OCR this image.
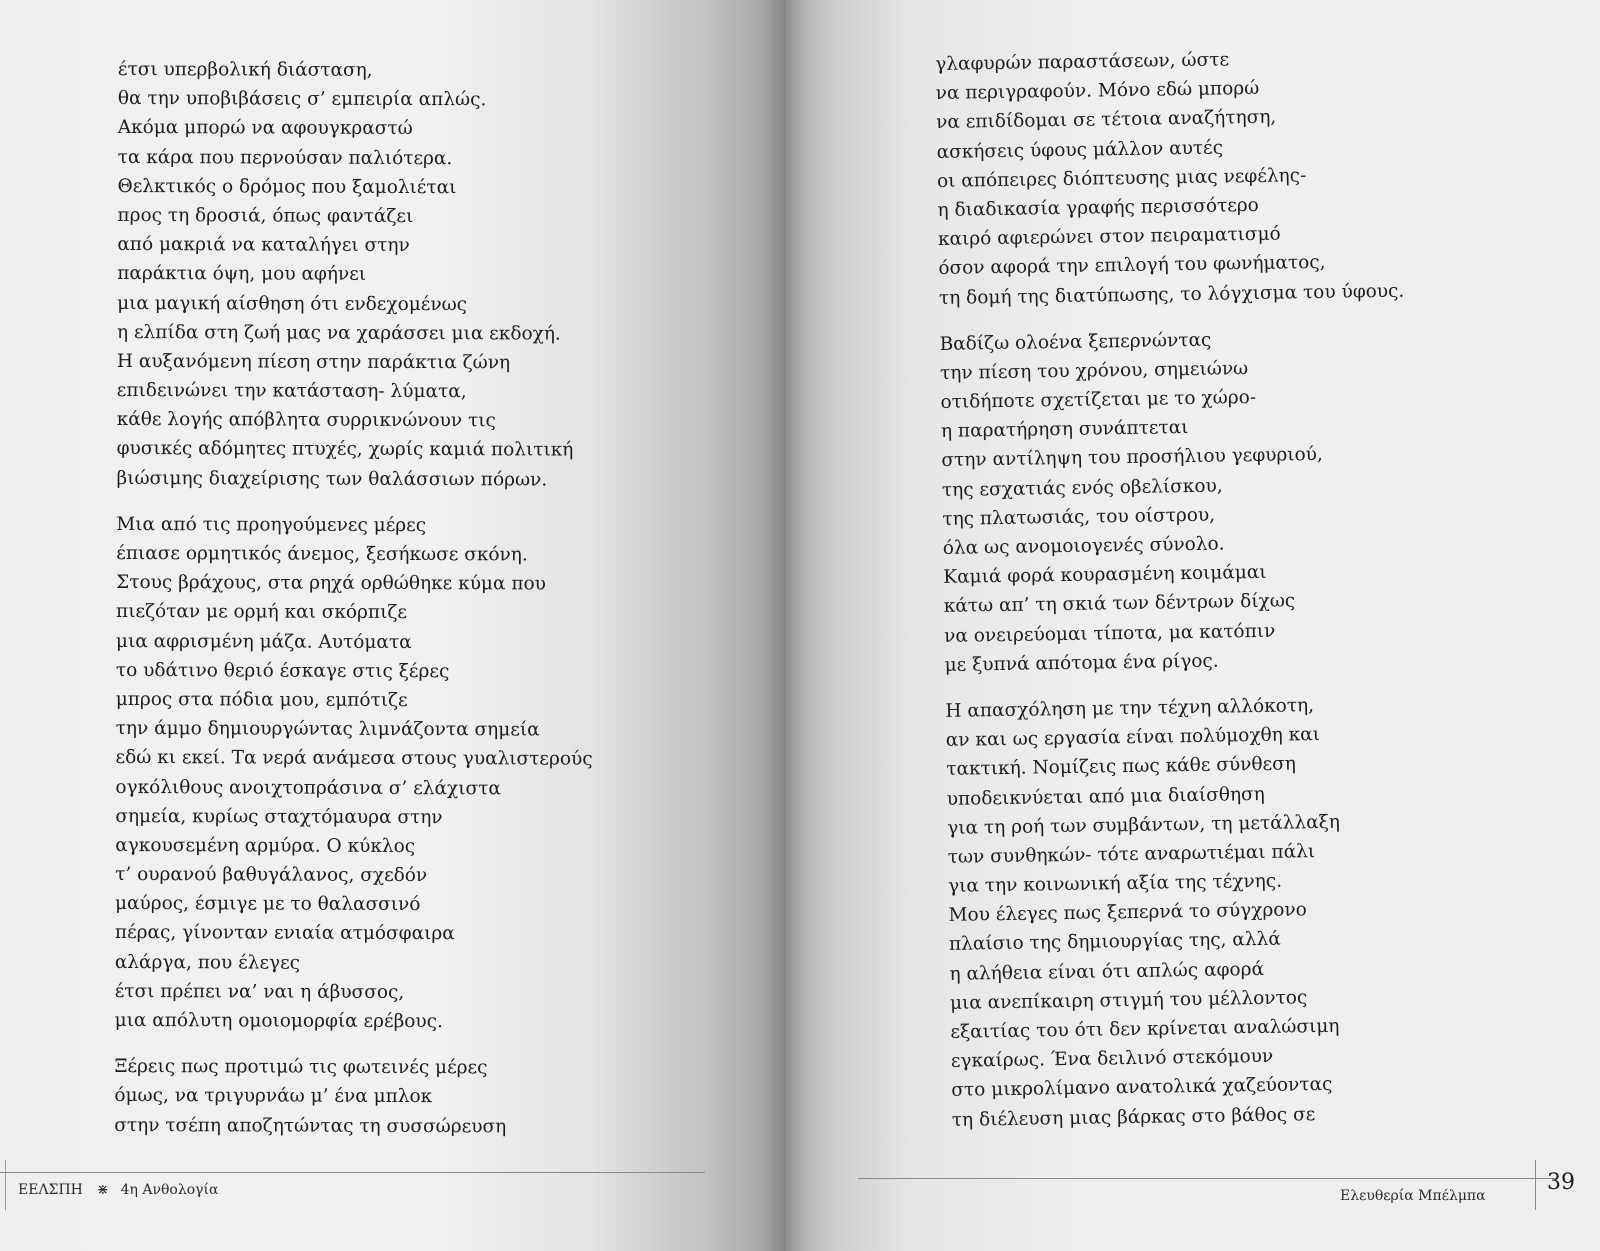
έτσι υπερβολική διάσταση,
θα την υποβιβάσεις σ’ εμπειρία απλώς.
Ακόμα μπορώ να αφουγκραστώ
τα κάρα που περνούσαν παλιότερα.
Θελκτικός ο δρόμος που ξαμολιέται
προς τη δροσιά, όπως φαντάζει
από μακριά να καταλήγει στην
παράκτια όψη, μου αφήνει
μια μαγική αίσθηση ότι ενδεχομένως
η ελπίδα στη ζωή μας να χαράσσει μια εκδοχή.
Η αυξανόμενη πίεση στην παράκτια ζώνη
επιδεινώνει την κατάσταση- λύματα,
κάθε λογής απόβλητα συρρικνώνουν τις
φυσικές αδόμητες πτυχές, χωρίς καμιά πολιτική
βιώσιμης διαχείρισης των θαλάσσιων πόρων.
Μια από τις προηγούμενες μέρες
έπιασε ορμητικός άνεμος, ξεσήκωσε σκόνη.
Στους βράχους, στα ρηχά ορθώθηκε κύμα που
πιεζόταν με ορμή και σκόρπιζε
μια αφρισμένη μάζα. Αυτόματα
το υδάτινο θεριό έσκαγε στις ξέρες
μπρος στα πόδια μου, εμπότιζε
την άμμο δημιουργώντας λιμνάζοντα σημεία
εδώ κι εκεί. Τα νερά ανάμεσα στους γυαλιστερούς
ογκόλιθους ανοιχτοπράσινα σ’ ελάχιστα
σημεία, κυρίως σταχτόμαυρα στην
αγκουσεμένη αρμύρα. Ο κύκλος
τ’ ουρανού βαθυγάλανος, σχεδόν
μαύρος, έσμιγε με το θαλασσινό
πέρας, γίνονταν ενιαία ατμόσφαιρα
αλάργα, που έλεγες
έτσι πρέπει να’ ναι η άβυσσος,
μια απόλυτη ομοιομορφία ερέβους.
Ξέρεις πως προτιμώ τις φωτεινές μέρες
όμως, να τριγυρνάω μ’ ένα μπλοκ
στην τσέπη αποζητώντας τη συσσώρευση
γλαφυρών παραστάσεων, ώστε
να περιγραφούν. Μόνο εδώ μπορώ
να επιδίδομαι σε τέτοια αναζήτηση,
ασκήσεις ύφους μάλλον αυτές
οι απόπειρες διόπτευσης μιας νεφέλης-
η διαδικασία γραφής περισσότερο
καιρό αφιερώνει στον πειραματισμό
όσον αφορά την επιλογή του φωνήματος,
τη δομή της διατύπωσης, το λόγχισμα του ύφους.
Βαδίζω ολοένα ξεπερνώντας
την πίεση του χρόνου, σημειώνω
οτιδήποτε σχετίζεται με το χώρο-
η παρατήρηση συνάπτεται
στην αντίληψη του προσήλιου γεφυριού,
της εσχατιάς ενός οβελίσκου,
της πλατωσιάς, του οίστρου,
όλα ως ανομοιογενές σύνολο.
Καμιά φορά κουρασμένη κοιμάμαι
κάτω απ’ τη σκιά των δέντρων δίχως
να ονειρεύομαι τίποτα, μα κατόπιν
με ξυπνά απότομα ένα ρίγος.
Η απασχόληση με την τέχνη αλλόκοτη,
αν και ως εργασία είναι πολύμοχθη και
τακτική. Νομίζεις πως κάθε σύνθεση
υποδεικνύεται από μια διαίσθηση
για τη ροή των συμβάντων, τη μετάλλαξη
των συνθηκών- τότε αναρωτιέμαι πάλι
για την κοινωνική αξία της τέχνης.
Μου έλεγες πως ξεπερνά το σύγχρονο
πλαίσιο της δημιουργίας της, αλλά
η αλήθεια είναι ότι απλώς αφορά
μια ανεπίκαιρη στιγμή του μέλλοντος
εξαιτίας του ότι δεν κρίνεται αναλώσιμη
εγκαίρως. Ένα δειλινό στεκόμουν
στο μικρολίμανο ανατολικά χαζεύοντας
τη διέλευση μιας βάρκας στο βάθος σε
ΕΕΛΣΠΗ ⋇ 4η Ανθολογία	Ελευθερία Μπέλμπα
39
